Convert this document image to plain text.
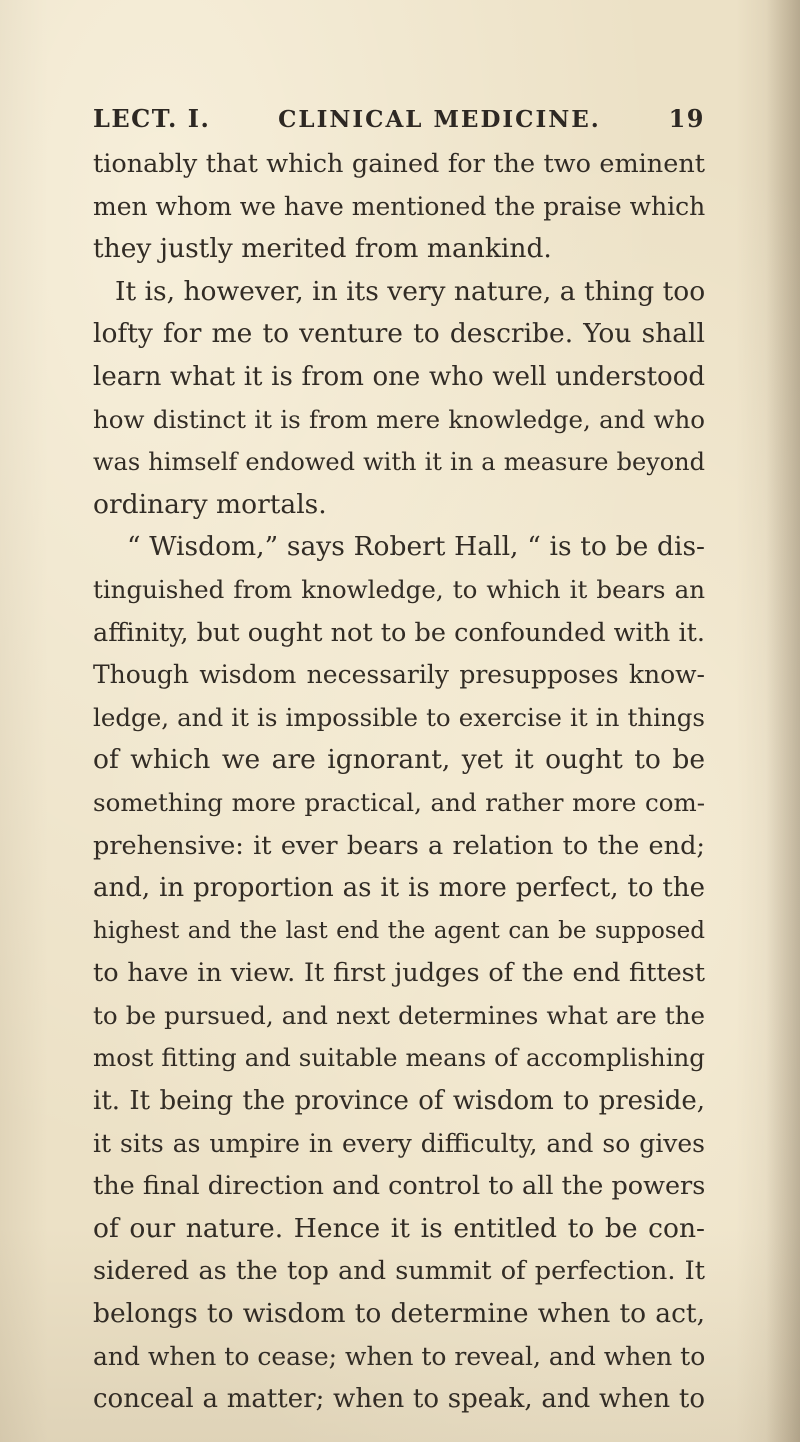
LECT. I.	CLINICAL MEDICINE.	19
tionably that which gained for the two eminent
men whom we have mentioned the praise which
they justly merited from mankind.
It is, however, in its very nature, a thing too
lofty for me to venture to describe. You shall
learn what it is from one who well understood
how distinct it is from mere knowledge, and who
was himself endowed with it in a measure beyond
ordinary mortals.
“ Wisdom,” says Robert Hall, “ is to be dis-
tinguished from knowledge, to which it bears an
affinity, but ought not to be confounded with it.
Though wisdom necessarily presupposes know-
ledge, and it is impossible to exercise it in things
of which we are ignorant, yet it ought to be
something more practical, and rather more com-
prehensive: it ever bears a relation to the end;
and, in proportion as it is more perfect, to the
highest and the last end the agent can be supposed
to have in view. It first judges of the end fittest
to be pursued, and next determines what are the
most fitting and suitable means of accomplishing
it. It being the province of wisdom to preside,
it sits as umpire in every difficulty, and so gives
the final direction and control to all the powers
of our nature. Hence it is entitled to be con-
sidered as the top and summit of perfection. It
belongs to wisdom to determine when to act,
and when to cease; when to reveal, and when to
conceal a matter; when to speak, and when to
